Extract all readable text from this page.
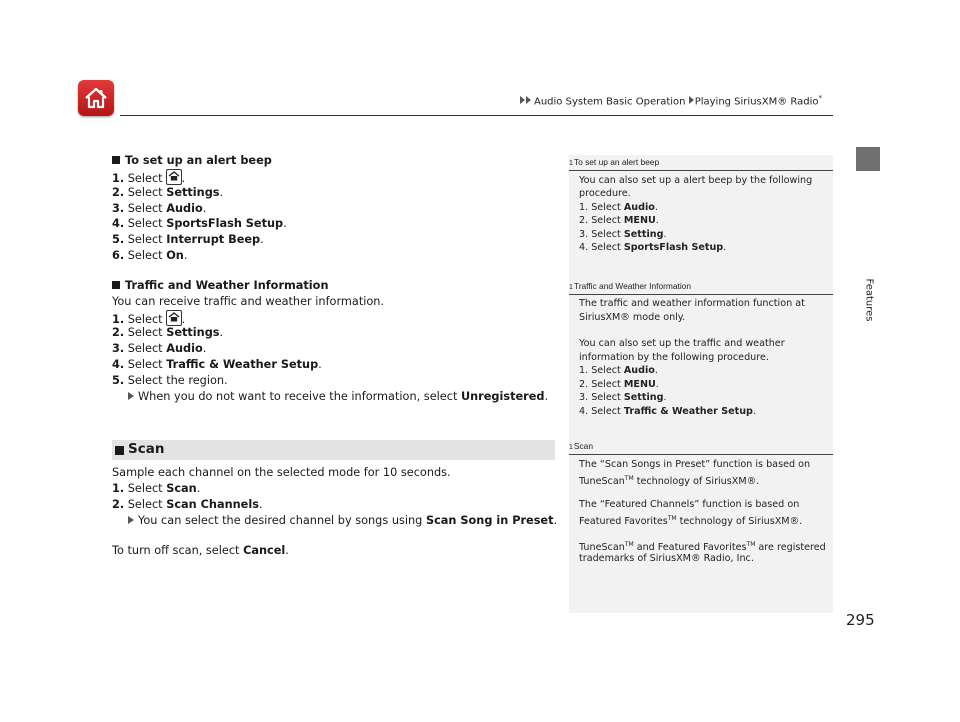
Audio System Basic Operation Playing SiriusXM® Radio*
Features
To set up an alert beep
1. Select .
2. Select Settings.
3. Select Audio.
4. Select SportsFlash Setup.
5. Select Interrupt Beep.
6. Select On.
Traffic and Weather Information
You can receive traffic and weather information.
1. Select .
2. Select Settings.
3. Select Audio.
4. Select Traffic & Weather Setup.
5. Select the region.
When you do not want to receive the information, select Unregistered.
Scan
Sample each channel on the selected mode for 10 seconds.
1. Select Scan.
2. Select Scan Channels.
You can select the desired channel by songs using Scan Song in Preset.
To turn off scan, select Cancel.
1To set up an alert beep
You can also set up a alert beep by the following
procedure.
1. Select Audio.
2. Select MENU.
3. Select Setting.
4. Select SportsFlash Setup.
1Traffic and Weather Information
The traffic and weather information function at
SiriusXM® mode only.
You can also set up the traffic and weather
information by the following procedure.
1. Select Audio.
2. Select MENU.
3. Select Setting.
4. Select Traffic & Weather Setup.
1Scan
The “Scan Songs in Preset” function is based on
TuneScan™ technology of SiriusXM®.
The “Featured Channels” function is based on
Featured Favorites™ technology of SiriusXM®.
TuneScan™ and Featured Favorites™ are registered
trademarks of SiriusXM® Radio, Inc.
295
